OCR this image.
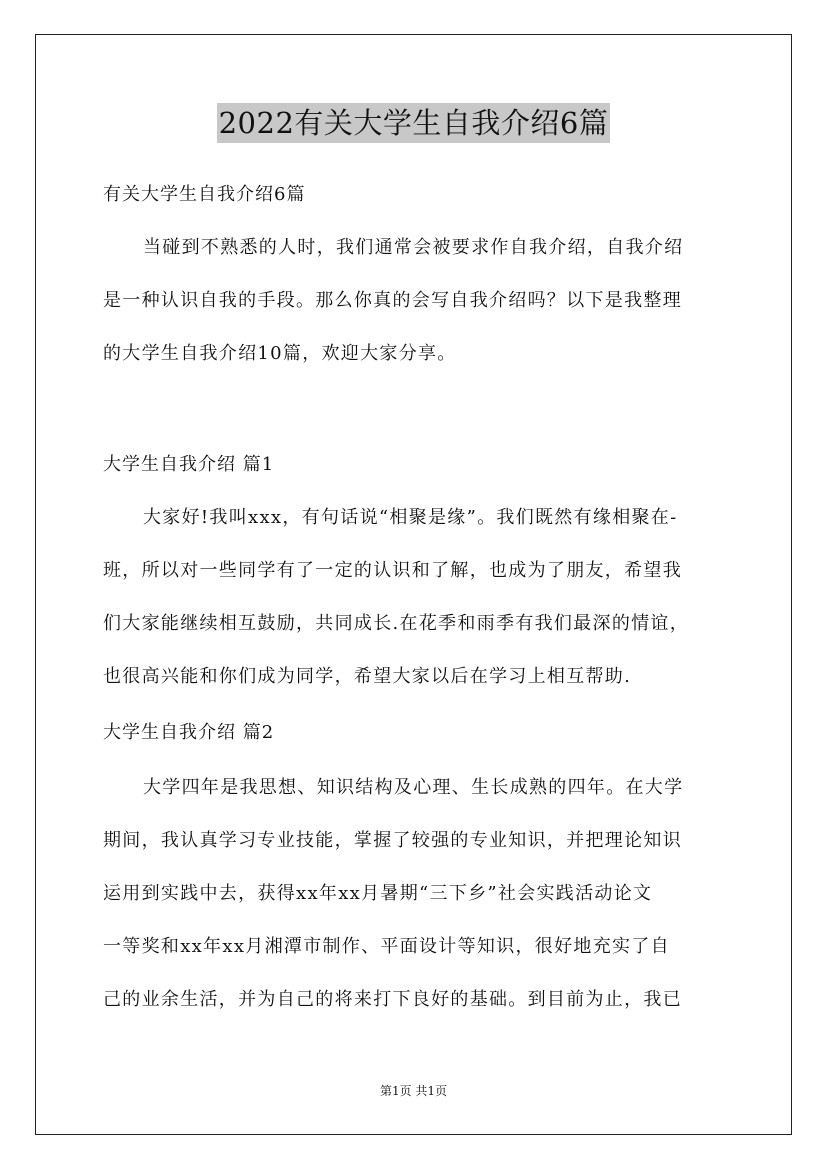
2022有关大学生自我介绍6篇
有关大学生自我介绍6篇
当碰到不熟悉的人时，我们通常会被要求作自我介绍，自我介绍
是一种认识自我的手段。那么你真的会写自我介绍吗？以下是我整理
的大学生自我介绍10篇，欢迎大家分享。
大学生自我介绍 篇1
大家好!我叫xxx，有句话说“相聚是缘”。我们既然有缘相聚在-
班，所以对一些同学有了一定的认识和了解，也成为了朋友，希望我
们大家能继续相互鼓励，共同成长.在花季和雨季有我们最深的情谊，
也很高兴能和你们成为同学，希望大家以后在学习上相互帮助.
大学生自我介绍 篇2
大学四年是我思想、知识结构及心理、生长成熟的四年。在大学
期间，我认真学习专业技能，掌握了较强的专业知识，并把理论知识
运用到实践中去，获得xx年xx月暑期“三下乡”社会实践活动论文
一等奖和xx年xx月湘潭市制作、平面设计等知识，很好地充实了自
己的业余生活，并为自己的将来打下良好的基础。到目前为止，我已
第1页 共1页
